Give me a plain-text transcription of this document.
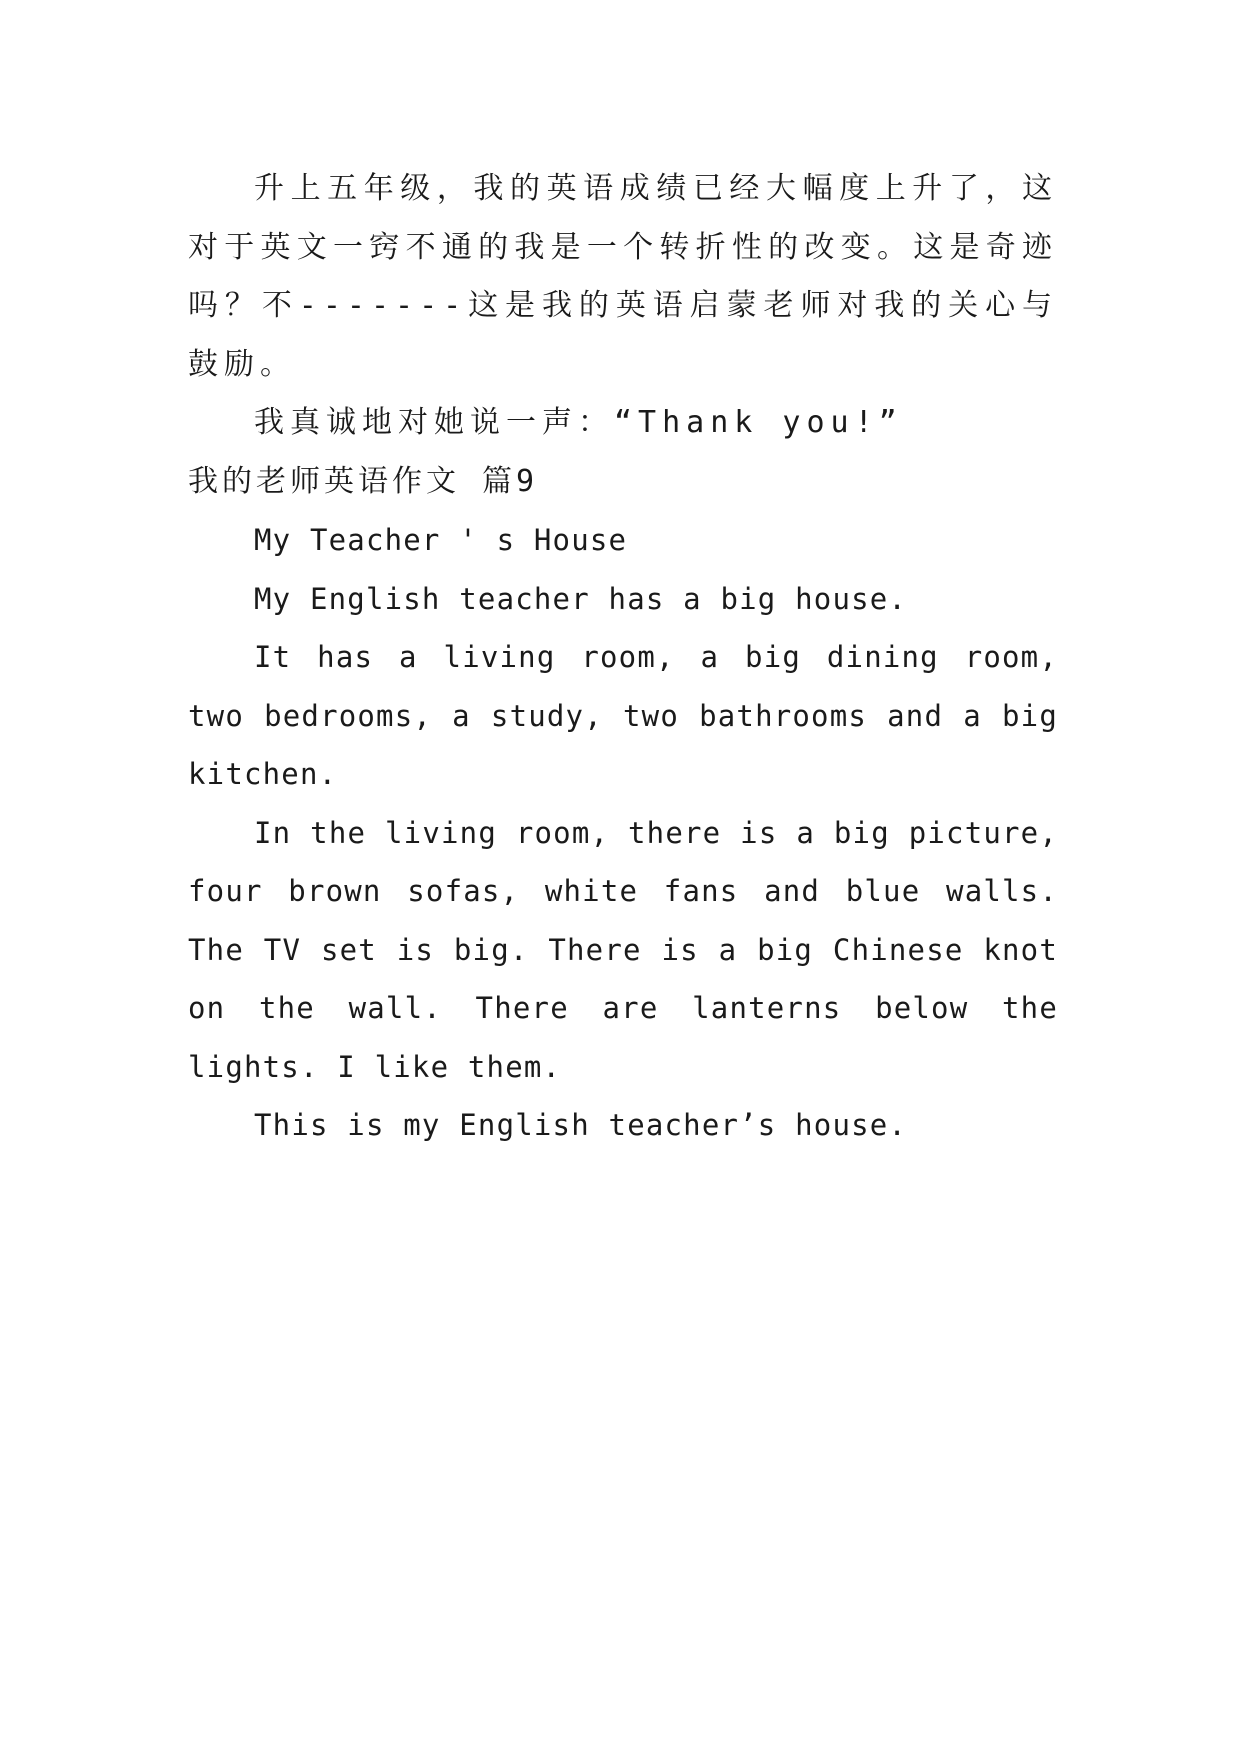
升上五年级，我的英语成绩已经大幅度上升了，这对于英文一窍不通的我是一个转折性的改变。这是奇迹吗？不-------这是我的英语启蒙老师对我的关心与鼓励。

我真诚地对她说一声：“Thank you!”

我的老师英语作文 篇9

My Teacher ' s House

My English teacher has a big house.

It has a living room, a big dining room, two bedrooms, a study, two bathrooms and a big kitchen.

In the living room, there is a big picture, four brown sofas, white fans and blue walls. The TV set is big. There is a big Chinese knot on the wall. There are lanterns below the lights. I like them.

This is my English teacher’s house.
